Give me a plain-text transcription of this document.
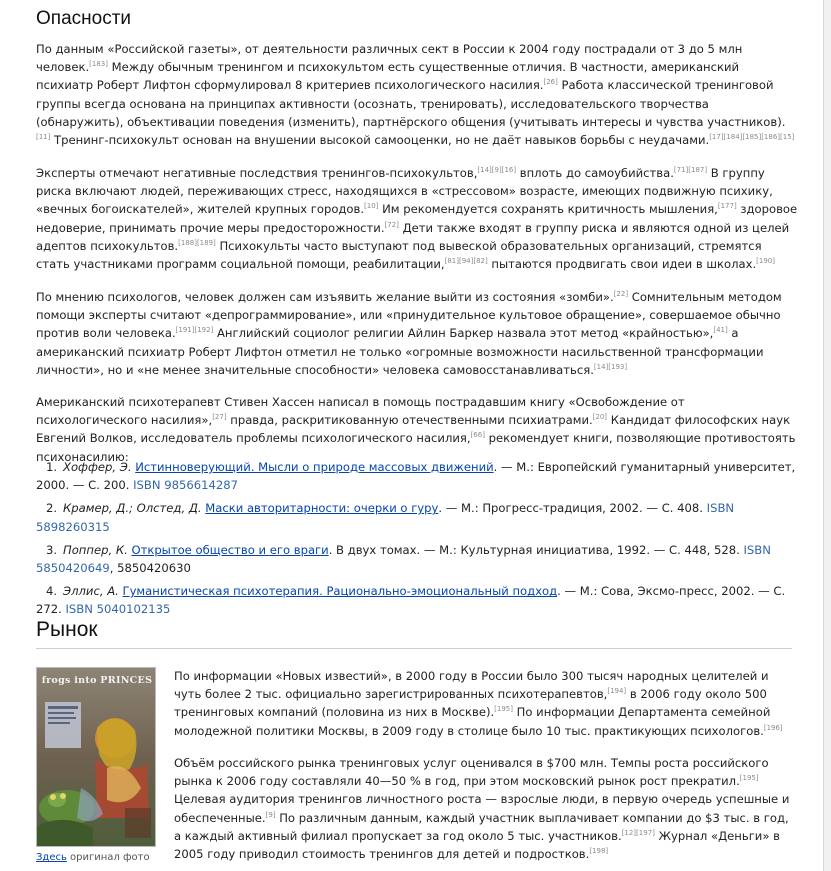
Опасности

По данным «Российской газеты», от деятельности различных сект в России к 2004 году пострадали от 3 до 5 млн человек.[183] Между обычным тренингом и психокультом есть существенные отличия. В частности, американский психиатр Роберт Лифтон сформулировал 8 критериев психологического насилия.[26] Работа классической тренинговой группы всегда основана на принципах активности (осознать, тренировать), исследовательского творчества (обнаружить), объективации поведения (изменить), партнёрского общения (учитывать интересы и чувства участников).[11] Тренинг-психокульт основан на внушении высокой самооценки, но не даёт навыков борьбы с неудачами.[17][184][185][186][15]

Эксперты отмечают негативные последствия тренингов-психокультов,[14][9][16] вплоть до самоубийства.[71][187] В группу риска включают людей, переживающих стресс, находящихся в «стрессовом» возрасте, имеющих подвижную психику, «вечных богоискателей», жителей крупных городов.[10] Им рекомендуется сохранять критичность мышления,[177] здоровое недоверие, принимать прочие меры предосторожности.[72] Дети также входят в группу риска и являются одной из целей адептов психокультов.[188][189] Психокульты часто выступают под вывеской образовательных организаций, стремятся стать участниками программ социальной помощи, реабилитации,[81][94][82] пытаются продвигать свои идеи в школах.[190]

По мнению психологов, человек должен сам изъявить желание выйти из состояния «зомби».[22] Сомнительным методом помощи эксперты считают «депрограммирование», или «принудительное культовое обращение», совершаемое обычно против воли человека.[191][192] Английский социолог религии Айлин Баркер назвала этот метод «крайностью»,[41] а американский психиатр Роберт Лифтон отметил не только «огромные возможности насильственной трансформации личности», но и «не менее значительные способности» человека самовосстанавливаться.[14][193]

Американский психотерапевт Стивен Хассен написал в помощь пострадавшим книгу «Освобождение от психологического насилия»,[27] правда, раскритикованную отечественными психиатрами.[20] Кандидат философских наук Евгений Волков, исследователь проблемы психологического насилия,[66] рекомендует книги, позволяющие противостоять психонасилию:

1. Хоффер, Э. Истинноверующий. Мысли о природе массовых движений. — М.: Европейский гуманитарный университет, 2000. — С. 200. ISBN 9856614287
2. Крамер, Д.; Олстед, Д. Маски авторитарности: очерки о гуру. — М.: Прогресс-традиция, 2002. — С. 408. ISBN 5898260315
3. Поппер, К. Открытое общество и его враги. В двух томах. — М.: Культурная инициатива, 1992. — С. 448, 528. ISBN 5850420649, 5850420630
4. Эллис, А. Гуманистическая психотерапия. Рационально-эмоциональный подход. — М.: Сова, Эксмо-пресс, 2002. — С. 272. ISBN 5040102135
Рынок
frogs into PRINCES
Здесь оригинал фото

По информации «Новых известий», в 2000 году в России было 300 тысяч народных целителей и чуть более 2 тыс. официально зарегистрированных психотерапевтов,[194] в 2006 году около 500 тренинговых компаний (половина из них в Москве).[195] По информации Департамента семейной молодежной политики Москвы, в 2009 году в столице было 10 тыс. практикующих психологов.[196]

Объём российского рынка тренинговых услуг оценивался в $700 млн. Темпы роста российского рынка к 2006 году составляли 40—50 % в год, при этом московский рынок рост прекратил.[195] Целевая аудитория тренингов личностного роста — взрослые люди, в первую очередь успешные и обеспеченные.[9] По различным данным, каждый участник выплачивает компании до $3 тыс. в год, а каждый активный филиал пропускает за год около 5 тыс. участников.[12][197] Журнал «Деньги» в 2005 году приводил стоимость тренингов для детей и подростков.[198]
